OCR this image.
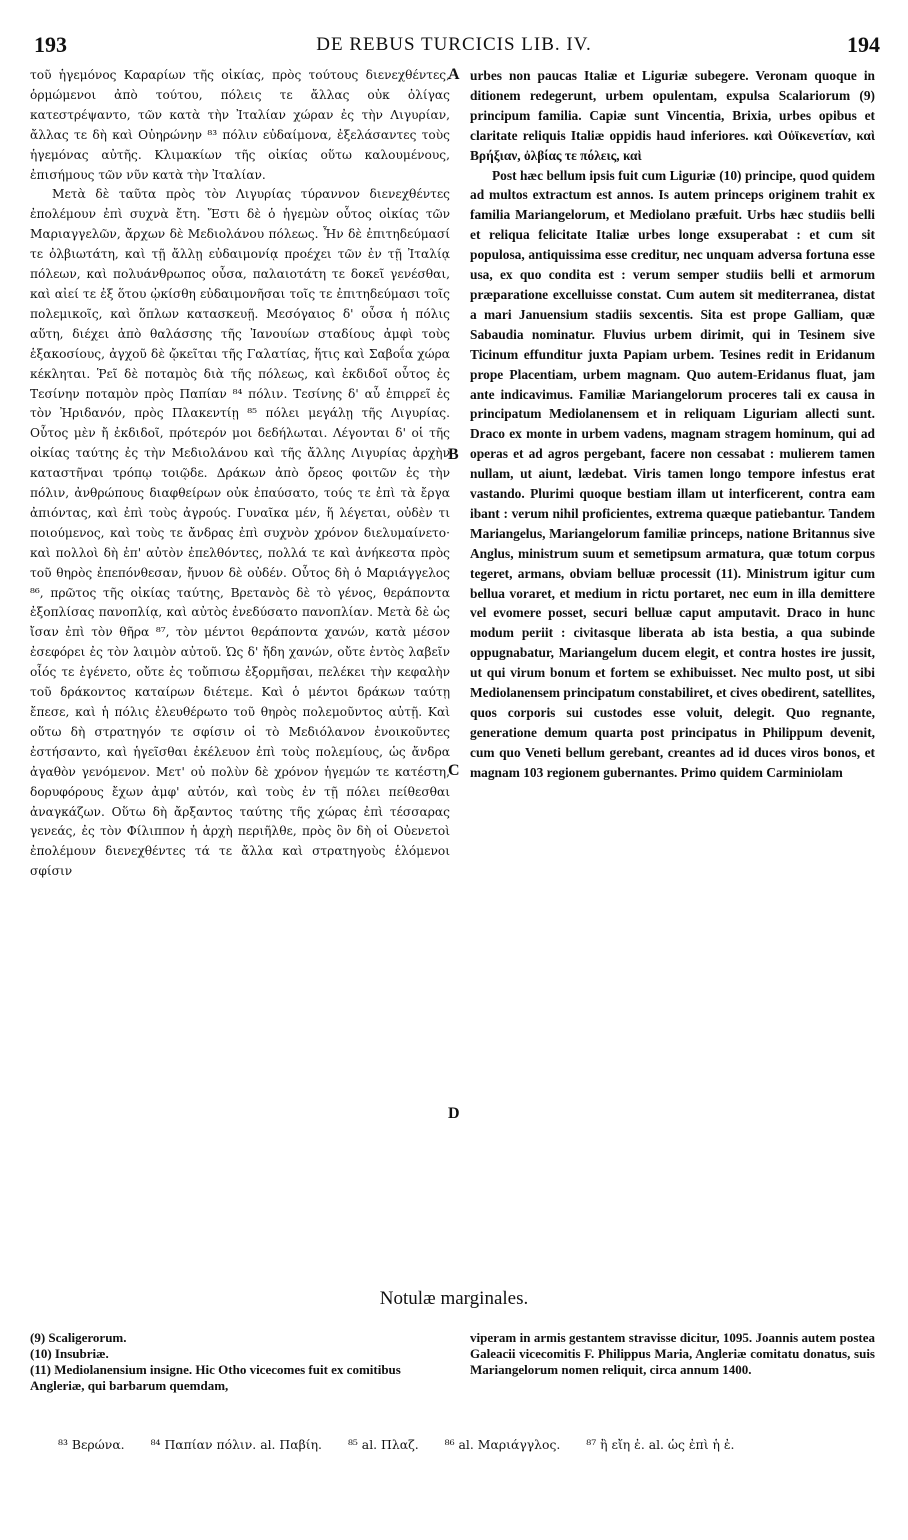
193	DE REBUS TURCICIS LIB. IV.	194

τοῦ ἡγεμόνος Καραρίων τῆς οἰκίας, πρὸς τούτους διενεχθέντες, ὁρμώμενοι ἀπὸ τούτου, πόλεις τε ἄλλας οὐκ ὀλίγας κατεστρέψαντο, τῶν κατὰ τὴν Ἰταλίαν χώραν ἐς τὴν Λιγυρίαν, ἄλλας τε δὴ καὶ Οὐηρώνην ⁸³ πόλιν εὐδαίμονα, ἐξελάσαντες τοὺς ἡγεμόνας αὐτῆς. Κλιμακίων τῆς οἰκίας οὕτω καλουμένους, ἐπισήμους τῶν νῦν κατὰ τὴν Ἰταλίαν.

Μετὰ δὲ ταῦτα πρὸς τὸν Λιγυρίας τύραννον διενεχθέντες ἐπολέμουν ἐπὶ συχνὰ ἔτη. Ἔστι δὲ ὁ ἡγεμὼν οὗτος οἰκίας τῶν Μαριαγγελῶν, ἄρχων δὲ Μεδιολάνου πόλεως. Ἦν δὲ ἐπιτηδεύμασί τε ὀλβιωτάτη, καὶ τῇ ἄλλῃ εὐδαιμονίᾳ προέχει τῶν ἐν τῇ Ἰταλίᾳ πόλεων, καὶ πολυάνθρωπος οὖσα, παλαιοτάτη τε δοκεῖ γενέσθαι, καὶ αἰεί τε ἐξ ὅτου ᾠκίσθη εὐδαιμονῆσαι τοῖς τε ἐπιτηδεύμασι τοῖς πολεμικοῖς, καὶ ὅπλων κατασκευῇ. Μεσόγαιος δ' οὖσα ἡ πόλις αὕτη, διέχει ἀπὸ θαλάσσης τῆς Ἰανουίων σταδίους ἀμφὶ τοὺς ἑξακοσίους, ἀγχοῦ δὲ ᾤκεῖται τῆς Γαλατίας, ἥτις καὶ Σαβοΐα χώρα κέκληται. Ῥεῖ δὲ ποταμὸς διὰ τῆς πόλεως, καὶ ἐκδιδοῖ οὗτος ἐς Τεσίνην ποταμὸν πρὸς Παπίαν ⁸⁴ πόλιν. Τεσίνης δ' αὖ ἐπιρρεῖ ἐς τὸν Ἠριδανόν, πρὸς Πλακεντίῃ ⁸⁵ πόλει μεγάλῃ τῆς Λιγυρίας. Οὗτος μὲν ἤ ἐκδιδοῖ, πρότερόν μοι δεδήλωται. Λέγονται δ' οἱ τῆς οἰκίας ταύτης ἐς τὴν Μεδιολάνου καὶ τῆς ἄλλης Λιγυρίας ἀρχὴν καταστῆναι τρόπῳ τοιῷδε. Δράκων ἀπὸ ὄρεος φοιτῶν ἐς τὴν πόλιν, ἀνθρώπους διαφθείρων οὐκ ἐπαύσατο, τούς τε ἐπὶ τὰ ἔργα ἀπιόντας, καὶ ἐπὶ τοὺς ἀγρούς. Γυναῖκα μέν, ἥ λέγεται, οὐδὲν τι ποιούμενος, καὶ τοὺς τε ἄνδρας ἐπὶ συχνὸν χρόνον διελυμαίνετο· καὶ πολλοὶ δὴ ἐπ' αὐτὸν ἐπελθόντες, πολλά τε καὶ ἀνήκεστα πρὸς τοῦ θηρὸς ἐπεπόνθεσαν, ἤνυον δὲ οὐδέν. Οὗτος δὴ ὁ Μαριάγγελος ⁸⁶, πρῶτος τῆς οἰκίας ταύτης, Βρετανὸς δὲ τὸ γένος, θεράποντα ἐξοπλίσας πανοπλίᾳ, καὶ αὐτὸς ἐνεδύσατο πανοπλίαν. Μετὰ δὲ ὡς ἴσαν ἐπὶ τὸν θῆρα ⁸⁷, τὸν μέντοι θεράποντα χανών, κατὰ μέσον ἐσεφόρει ἐς τὸν λαιμὸν αὐτοῦ. Ὡς δ' ἤδη χανών, οὔτε ἐντὸς λαβεῖν οἷός τε ἐγένετο, οὔτε ἐς τοὔπισω ἐξορμῆσαι, πελέκει τὴν κεφαλὴν τοῦ δράκοντος καταίρων διέτεμε. Καὶ ὁ μέντοι δράκων ταύτῃ ἔπεσε, καὶ ἡ πόλις ἐλευθέρωτο τοῦ θηρὸς πολεμοῦντος αὐτῇ. Καὶ οὕτω δὴ στρατηγόν τε σφίσιν οἱ τὸ Μεδιόλανον ἐνοικοῦντες ἐστήσαντο, καὶ ἡγεῖσθαι ἐκέλευον ἐπὶ τοὺς πολεμίους, ὡς ἄνδρα ἀγαθὸν γενόμενον. Μετ' οὐ πολὺν δὲ χρόνον ἡγεμών τε κατέστη, δορυφόρους ἔχων ἀμφ' αὐτόν, καὶ τοὺς ἐν τῇ πόλει πείθεσθαι ἀναγκάζων. Οὕτω δὴ ἄρξαντος ταύτης τῆς χώρας ἐπὶ τέσσαρας γενεάς, ἐς τὸν Φίλιππον ἡ ἀρχὴ περιῆλθε, πρὸς ὃν δὴ οἱ Οὐενετοὶ ἐπολέμουν διενεχθέντες τά τε ἄλλα καὶ στρατηγοὺς ἑλόμενοι σφίσιν

A
B
C
D

urbes non paucas Italiæ et Liguriæ subegere. Veronam quoque in ditionem redegerunt, urbem opulentam, expulsa Scalariorum (9) principum familia. Capiæ sunt Vincentia, Brixia, urbes opibus et claritate reliquis Italiæ oppidis haud inferiores. καὶ Οὐϊκενετίαν, καὶ Βρήξιαν, ὀλβίας τε πόλεις, καὶ

Post hæc bellum ipsis fuit cum Liguriæ (10) principe, quod quidem ad multos extractum est annos. Is autem princeps originem trahit ex familia Mariangelorum, et Mediolano præfuit. Urbs hæc studiis belli et reliqua felicitate Italiæ urbes longe exsuperabat : et cum sit populosa, antiquissima esse creditur, nec unquam adversa fortuna esse usa, ex quo condita est : verum semper studiis belli et armorum præparatione excelluisse constat. Cum autem sit mediterranea, distat a mari Januensium stadiis sexcentis. Sita est prope Galliam, quæ Sabaudia nominatur. Fluvius urbem dirimit, qui in Tesinem sive Ticinum effunditur juxta Papiam urbem. Tesines redit in Eridanum prope Placentiam, urbem magnam. Quo autem-Eridanus fluat, jam ante indicavimus. Familiæ Mariangelorum proceres tali ex causa in principatum Mediolanensem et in reliquam Liguriam allecti sunt. Draco ex monte in urbem vadens, magnam stragem hominum, qui ad operas et ad agros pergebant, facere non cessabat : mulierem tamen nullam, ut aiunt, lædebat. Viris tamen longo tempore infestus erat vastando. Plurimi quoque bestiam illam ut interficerent, contra eam ibant : verum nihil proficientes, extrema quæque patiebantur. Tandem Mariangelus, Mariangelorum familiæ princeps, natione Britannus sive Anglus, ministrum suum et semetipsum armatura, quæ totum corpus tegeret, armans, obviam belluæ processit (11). Ministrum igitur cum bellua voraret, et medium in rictu portaret, nec eum in illa demittere vel evomere posset, securi belluæ caput amputavit. Draco in hunc modum periit : civitasque liberata ab ista bestia, a qua subinde oppugnabatur, Mariangelum ducem elegit, et contra hostes ire jussit, ut qui virum bonum et fortem se exhibuisset. Nec multo post, ut sibi Mediolanensem principatum constabiliret, et cives obedirent, satellites, quos corporis sui custodes esse voluit, delegit. Quo regnante, generatione demum quarta post principatus in Philippum devenit, cum quo Veneti bellum gerebant, creantes ad id duces viros bonos, et magnam 103 regionem gubernantes. Primo quidem Carminiolam

Notulæ marginales.
(9) Scaligerorum.
(10) Insubriæ.
(11) Mediolanensium insigne. Hic Otho vicecomes fuit ex comitibus Angleriæ, qui barbarum quemdam,
viperam in armis gestantem stravisse dicitur, 1095. Joannis autem postea Galeacii vicecomitis F. Philippus Maria, Angleriæ comitatu donatus, suis Mariangelorum nomen reliquit, circa annum 1400.
⁸³ Βερώνα. ⁸⁴ Παπίαν πόλιν. al. Παβίη. ⁸⁵ al. Πλαζ. ⁸⁶ al. Μαριάγγλος. ⁸⁷ ἢ εἴη ἐ. al. ὡς ἐπὶ ἡ ἐ.
